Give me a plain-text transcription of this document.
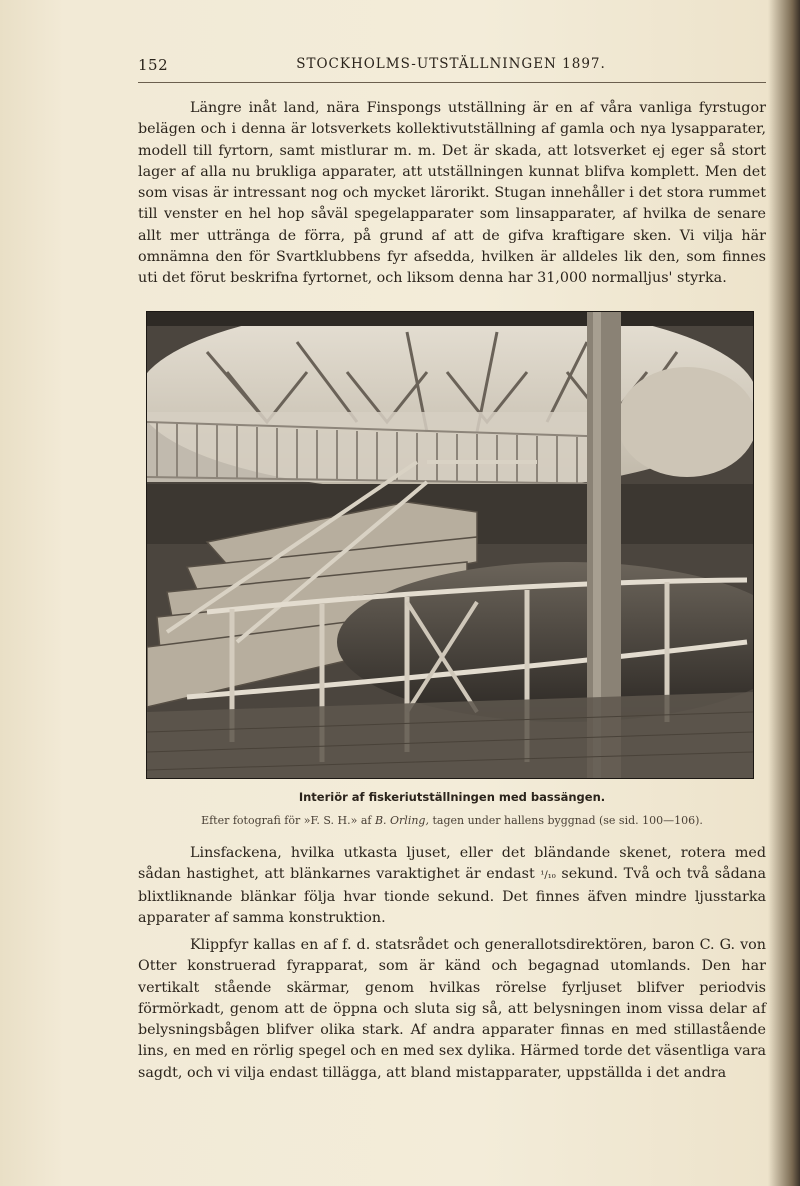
152	STOCKHOLMS-UTSTÄLLNINGEN 1897.

Längre inåt land, nära Finspongs utställning är en af våra vanliga fyrstugor belägen och i denna är lotsverkets kollektivutställning af gamla och nya lysapparater, modell till fyrtorn, samt mistlurar m. m. Det är skada, att lotsverket ej eger så stort lager af alla nu brukliga apparater, att utställningen kunnat blifva komplett. Men det som visas är intressant nog och mycket lärorikt. Stugan innehåller i det stora rummet till venster en hel hop såväl spegelapparater som linsapparater, af hvilka de senare allt mer uttränga de förra, på grund af att de gifva kraftigare sken. Vi vilja här omnämna den för Svartklubbens fyr afsedda, hvilken är alldeles lik den, som finnes uti det förut beskrifna fyrtornet, och liksom denna har 31,000 normalljus' styrka.

Interiör af fiskeriutställningen med bassängen.
Efter fotografi för »F. S. H.» af B. Orling, tagen under hallens byggnad (se sid. 100—106).

Linsfackena, hvilka utkasta ljuset, eller det bländande skenet, rotera med sådan hastighet, att blänkarnes varaktighet är endast ¹/₁₀ sekund. Två och två sådana blixtliknande blänkar följa hvar tionde sekund. Det finnes äfven mindre ljusstarka apparater af samma konstruktion.

Klippfyr kallas en af f. d. statsrådet och generallotsdirektören, baron C. G. von Otter konstruerad fyrapparat, som är känd och begagnad utomlands. Den har vertikalt stående skärmar, genom hvilkas rörelse fyrljuset blifver periodvis förmörkadt, genom att de öppna och sluta sig så, att belysningen inom vissa delar af belysningsbågen blifver olika stark. Af andra apparater finnas en med stillastående lins, en med en rörlig spegel och en med sex dylika. Härmed torde det väsentliga vara sagdt, och vi vilja endast tillägga, att bland mistapparater, uppställda i det andra
